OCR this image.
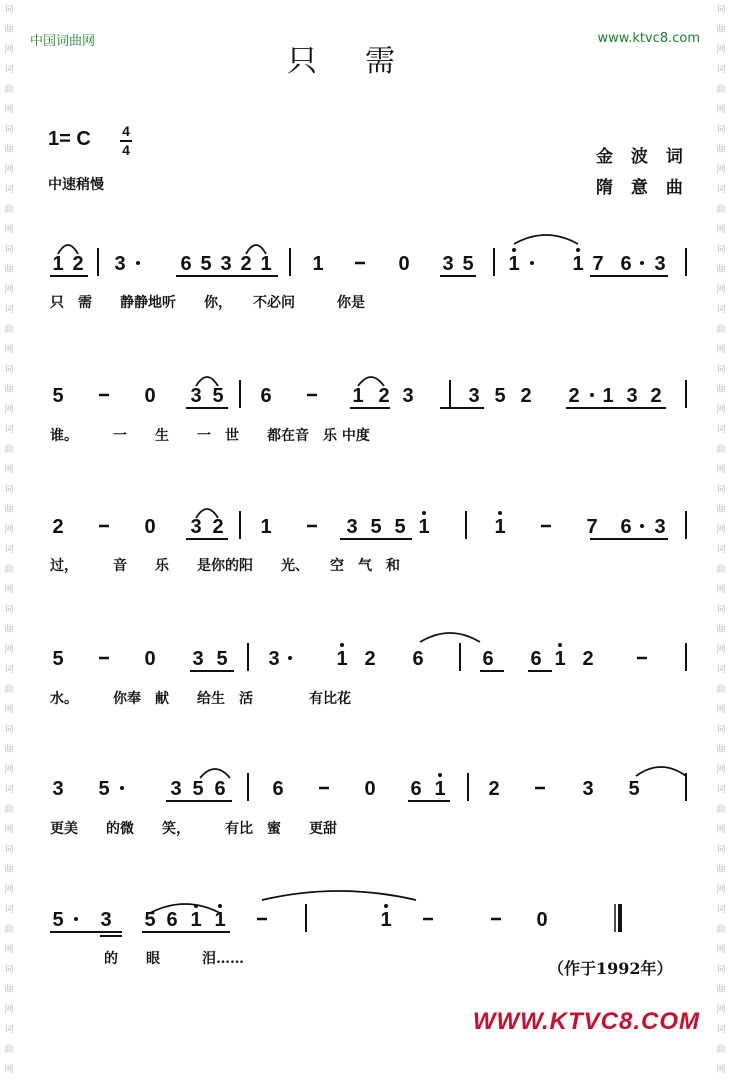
词
曲
网
词
曲
网
词
曲
网
词
曲
网
词
曲
网
词
曲
网
词
曲
网
词
曲
网
词
曲
网
词
曲
网
词
曲
网
词
曲
网
词
曲
网
词
曲
网
词
曲
网
词
曲
网
词
曲
网
词
曲
网
词
曲
网
词
曲
网
词
曲
网
词
曲
网
词
曲
网
词
曲
网
词
曲
网
词
曲
网
词
曲
网
词
曲
网
词
曲
网
词
曲
网
词
曲
网
词
曲
网
词
曲
网
词
曲
网
词
曲
网
词
曲
网
中国词曲网	www.ktvc8.com
只需
1= C 4
4
中速稍慢
金 波 词
隋 意 曲
1 2 3	6 5 3 2 1 1	0 3 5 1	1 7 6 3
5	0 3 5 6	1 2 3	3 5 2 2 1 3 2
2	0 3 2 1	3 5 5 1	1	7 6 3
5	0 3 5 3	1 2 6	6 6 1 2
3 5	3 5 6 6	0 6 1 2	3 5
5 3 5 6 1 1	1	0
只　需　　静静地听　　你，　　不必问　　　你是
谁。　　　一　　生　　一　世　　都在音　乐 中度
过，　　　音　　乐　　是你的阳　　光、　　空　气　和
水。　　　你奉　献　　给生　活　　　　有比花
更美　　的微　　笑，　　　有比　蜜　　更甜
的　　眼　　　泪……	（作于1992年）
WWW.KTVC8.COM
